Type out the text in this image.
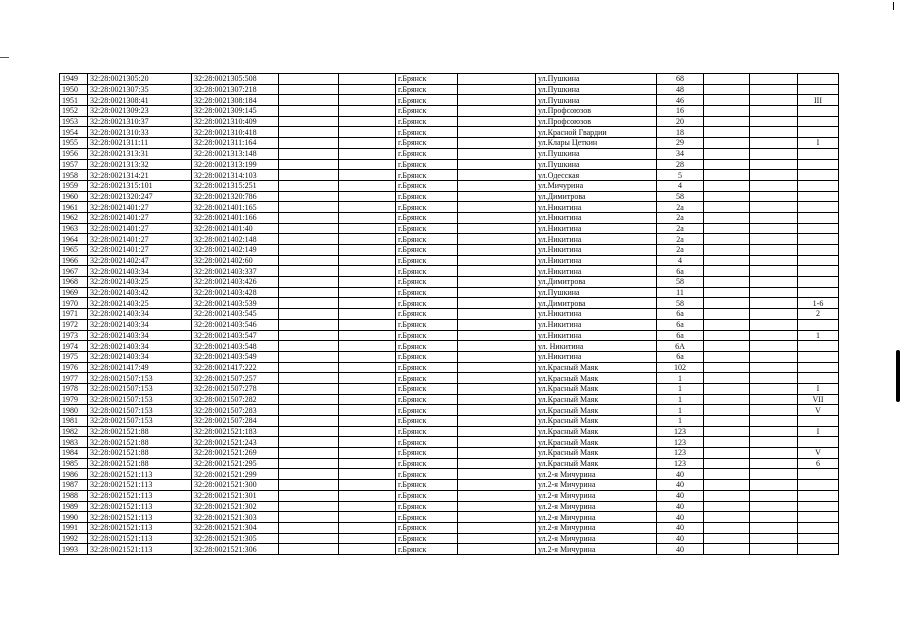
1949	32:28:0021305:20	32:28:0021305:508			г.Брянск		ул.Пушкина	68			
1950	32:28:0021307:35	32:28:0021307:218			г.Брянск		ул.Пушкина	48			
1951	32:28:0021308:41	32:28:0021308:184			г.Брянск		ул.Пушкина	46			III
1952	32:28:0021309:23	32:28:0021309:145			г.Брянск		ул.Профсоюзов	16			
1953	32:28:0021310:37	32:28:0021310:409			г.Брянск		ул.Профсоюзов	20			
1954	32:28:0021310:33	32:28:0021310:418			г.Брянск		ул.Красной Гвардии	18			
1955	32:28:0021311:11	32:28:0021311:164			г.Брянск		ул.Клары Цеткин	29			I
1956	32:28:0021313:31	32:28:0021313:148			г.Брянск		ул.Пушкина	34			
1957	32:28:0021313:32	32:28:0021313:199			г.Брянск		ул.Пушкина	28			
1958	32:28:0021314:21	32:28:0021314:103			г.Брянск		ул.Одесская	5			
1959	32:28:0021315:101	32:28:0021315:251			г.Брянск		ул.Мичурина	4			
1960	32:28:0021320:247	32:28:0021320:786			г.Брянск		ул.Димитрова	58			
1961	32:28:0021401:27	32:28:0021401:165			г.Брянск		ул.Никитина	2а			
1962	32:28:0021401:27	32:28:0021401:166			г.Брянск		ул.Никитина	2а			
1963	32:28:0021401:27	32:28:0021401:40			г.Брянск		ул.Никитина	2а			
1964	32:28:0021401:27	32:28:0021402:148			г.Брянск		ул.Никитина	2а			
1965	32:28:0021401:27	32:28:0021402:149			г.Брянск		ул.Никитина	2а			
1966	32:28:0021402:47	32:28:0021402:60			г.Брянск		ул.Никитина	4			
1967	32:28:0021403:34	32:28:0021403:337			г.Брянск		ул.Никитина	6а			
1968	32:28:0021403:25	32:28:0021403:426			г.Брянск		ул.Димитрова	58			
1969	32:28:0021403:42	32:28:0021403:428			г.Брянск		ул.Пушкина	11			
1970	32:28:0021403:25	32:28:0021403:539			г.Брянск		ул.Димитрова	58			1-6
1971	32:28:0021403:34	32:28:0021403:545			г.Брянск		ул.Никитина	6а			2
1972	32:28:0021403:34	32:28:0021403:546			г.Брянск		ул.Никитина	6а			
1973	32:28:0021403:34	32:28:0021403:547			г.Брянск		ул.Никитина	6а			1
1974	32:28:0021403:34	32:28:0021403:548			г.Брянск		ул. Никитина	6А			
1975	32:28:0021403:34	32:28:0021403:549			г.Брянск		ул.Никитина	6а			
1976	32:28:0021417:49	32:28:0021417:222			г.Брянск		ул.Красный Маяк	102			
1977	32:28:0021507:153	32:28:0021507:257			г.Брянск		ул.Красный Маяк	1			
1978	32:28:0021507:153	32:28:0021507:278			г.Брянск		ул.Красный Маяк	1			I
1979	32:28:0021507:153	32:28:0021507:282			г.Брянск		ул.Красный Маяк	1			VII
1980	32:28:0021507:153	32:28:0021507:283			г.Брянск		ул.Красный Маяк	1			V
1981	32:28:0021507:153	32:28:0021507:284			г.Брянск		ул.Красный Маяк	1			
1982	32:28:0021521:88	32:28:0021521:183			г.Брянск		ул.Красный Маяк	123			I
1983	32:28:0021521:88	32:28:0021521:243			г.Брянск		ул.Красный Маяк	123			
1984	32:28:0021521:88	32:28:0021521:269			г.Брянск		ул.Красный Маяк	123			V
1985	32:28:0021521:88	32:28:0021521:295			г.Брянск		ул.Красный Маяк	123			6
1986	32:28:0021521:113	32:28:0021521:299			г.Брянск		ул.2-я Мичурина	40			
1987	32:28:0021521:113	32:28:0021521:300			г.Брянск		ул.2-я Мичурина	40			
1988	32:28:0021521:113	32:28:0021521:301			г.Брянск		ул.2-я Мичурина	40			
1989	32:28:0021521:113	32:28:0021521:302			г.Брянск		ул.2-я Мичурина	40			
1990	32:28:0021521:113	32:28:0021521:303			г.Брянск		ул.2-я Мичурина	40			
1991	32:28:0021521:113	32:28:0021521:304			г.Брянск		ул.2-я Мичурина	40			
1992	32:28:0021521:113	32:28:0021521:305			г.Брянск		ул.2-я Мичурина	40			
1993	32:28:0021521:113	32:28:0021521:306			г.Брянск		ул.2-я Мичурина	40			
